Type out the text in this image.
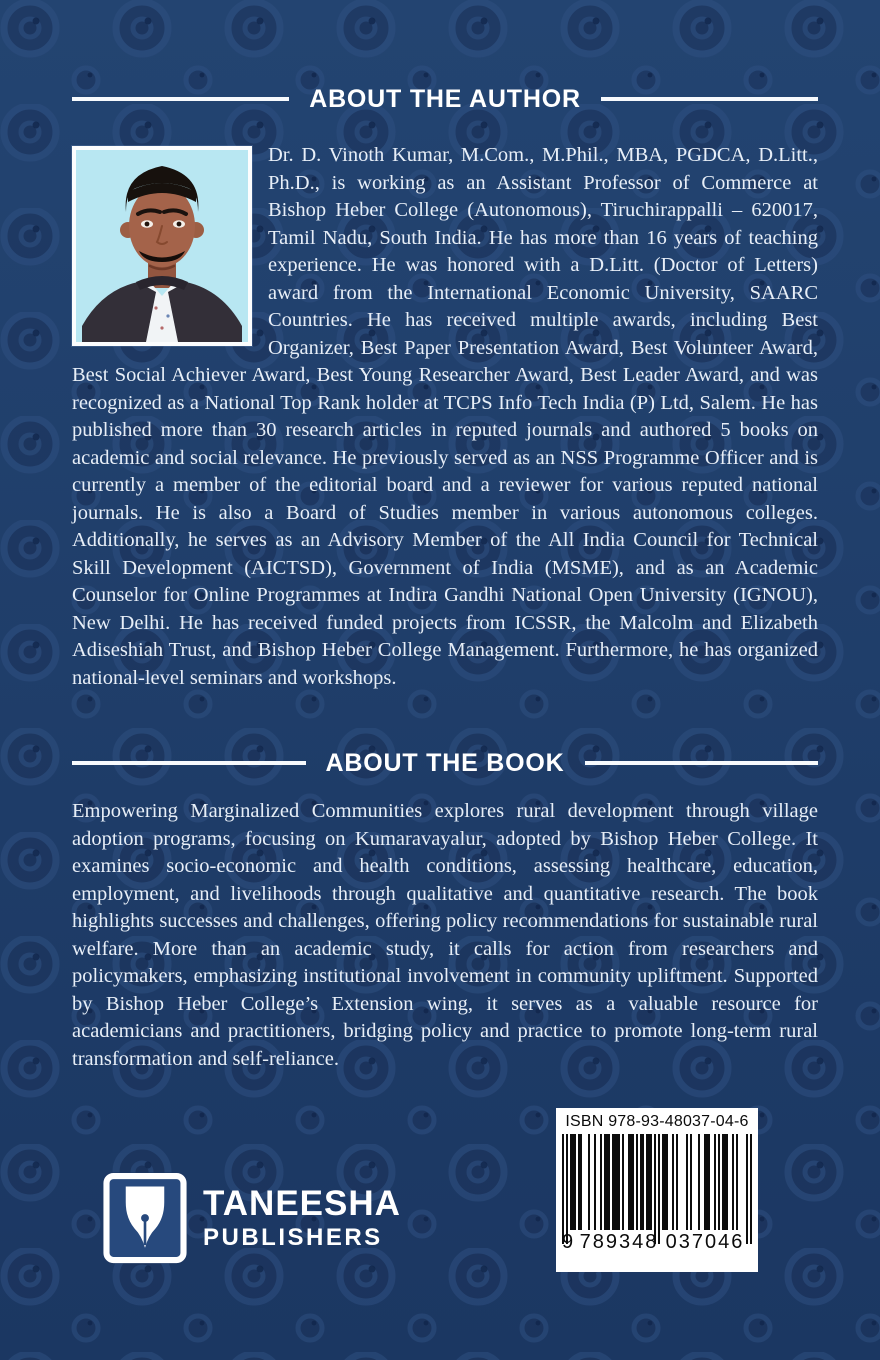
ABOUT THE AUTHOR

Dr. D. Vinoth Kumar, M.Com., M.Phil., MBA, PGDCA, D.Litt., Ph.D., is working as an Assistant Professor of Commerce at Bishop Heber College (Autonomous), Tiruchirappalli – 620017, Tamil Nadu, South India. He has more than 16 years of teaching experience. He was honored with a D.Litt. (Doctor of Letters) award from the International Economic University, SAARC Countries. He has received multiple awards, including Best Organizer, Best Paper Presentation Award, Best Volunteer Award, Best Social Achiever Award, Best Young Researcher Award, Best Leader Award, and was recognized as a National Top Rank holder at TCPS Info Tech India (P) Ltd, Salem. He has published more than 30 research articles in reputed journals and authored 5 books on academic and social relevance. He previously served as an NSS Programme Officer and is currently a member of the editorial board and a reviewer for various reputed national journals. He is also a Board of Studies member in various autonomous colleges. Additionally, he serves as an Advisory Member of the All India Council for Technical Skill Development (AICTSD), Government of India (MSME), and as an Academic Counselor for Online Programmes at Indira Gandhi National Open University (IGNOU), New Delhi. He has received funded projects from ICSSR, the Malcolm and Elizabeth Adiseshiah Trust, and Bishop Heber College Management. Furthermore, he has organized national-level seminars and workshops.

ABOUT THE BOOK

Empowering Marginalized Communities explores rural development through village adoption programs, focusing on Kumaravayalur, adopted by Bishop Heber College. It examines socio-economic and health conditions, assessing healthcare, education, employment, and livelihoods through qualitative and quantitative research. The book highlights successes and challenges, offering policy recommendations for sustainable rural welfare. More than an academic study, it calls for action from researchers and policymakers, emphasizing institutional involvement in community upliftment. Supported by Bishop Heber College’s Extension wing, it serves as a valuable resource for academicians and practitioners, bridging policy and practice to promote long-term rural transformation and self-reliance.

TANEESHA
PUBLISHERS
ISBN 978-93-48037-04-6
9 789348 037046
